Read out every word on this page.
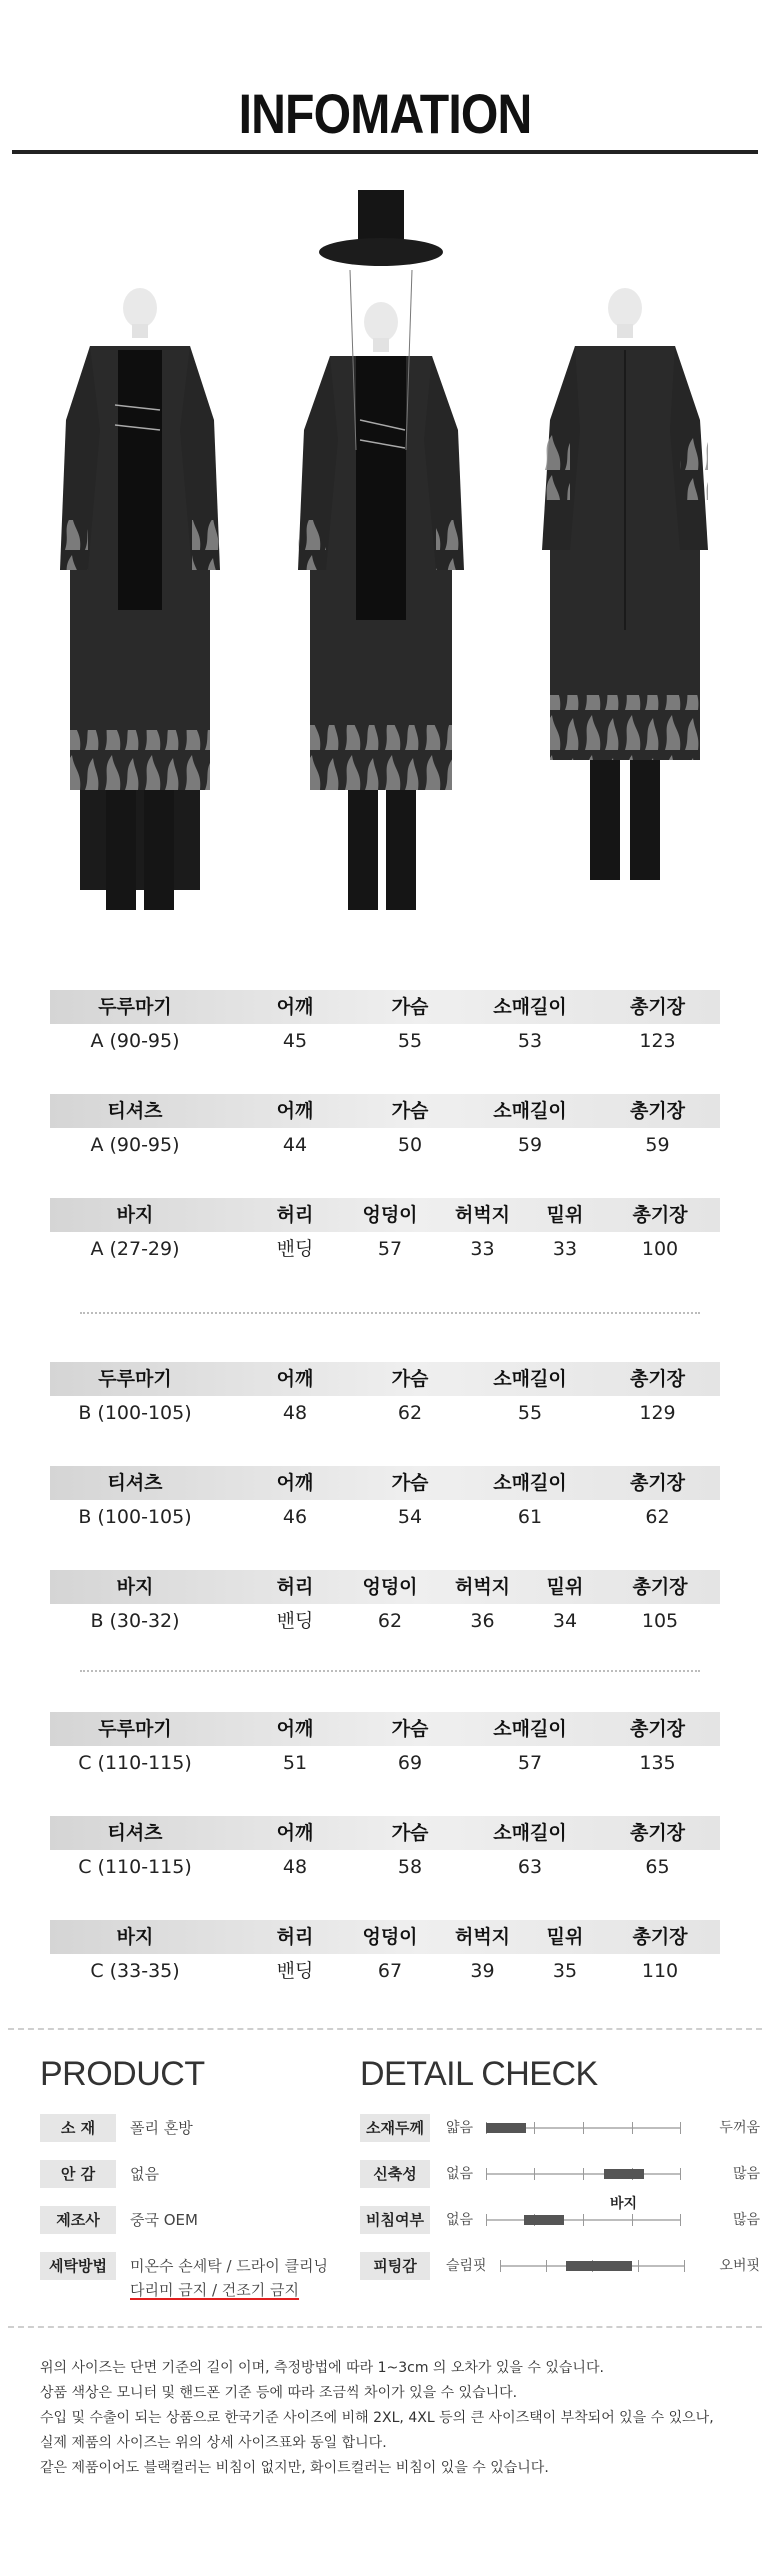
INFOMATION
두루마기	어깨	가슴	소매길이	총기장
A (90-95)	45	55	53	123
티셔츠	어깨	가슴	소매길이	총기장
A (90-95)	44	50	59	59
바지	허리	엉덩이	허벅지	밑위	총기장
A (27-29)	밴딩	57	33	33	100
두루마기	어깨	가슴	소매길이	총기장
B (100-105)	48	62	55	129
티셔츠	어깨	가슴	소매길이	총기장
B (100-105)	46	54	61	62
바지	허리	엉덩이	허벅지	밑위	총기장
B (30-32)	밴딩	62	36	34	105
두루마기	어깨	가슴	소매길이	총기장
C (110-115)	51	69	57	135
티셔츠	어깨	가슴	소매길이	총기장
C (110-115)	48	58	63	65
바지	허리	엉덩이	허벅지	밑위	총기장
C (33-35)	밴딩	67	39	35	110
PRODUCT
소 재	폴리 혼방
안 감	없음
제조사	중국 OEM
세탁방법	미온수 손세탁 / 드라이 클리닝
다리미 금지 / 건조기 금지
DETAIL CHECK
소재두께	얇음	두꺼움
신축성	없음
바지
많음
비침여부	없음	많음
피팅감	슬림핏	오버핏
위의 사이즈는 단면 기준의 길이 이며, 측정방법에 따라 1~3cm 의 오차가 있을 수 있습니다.
상품 색상은 모니터 및 핸드폰 기준 등에 따라 조금씩 차이가 있을 수 있습니다.
수입 및 수출이 되는 상품으로 한국기준 사이즈에 비해 2XL, 4XL 등의 큰 사이즈택이 부착되어 있을 수 있으나,
실제 제품의 사이즈는 위의 상세 사이즈표와 동일 합니다.
같은 제품이어도 블랙컬러는 비침이 없지만, 화이트컬러는 비침이 있을 수 있습니다.
